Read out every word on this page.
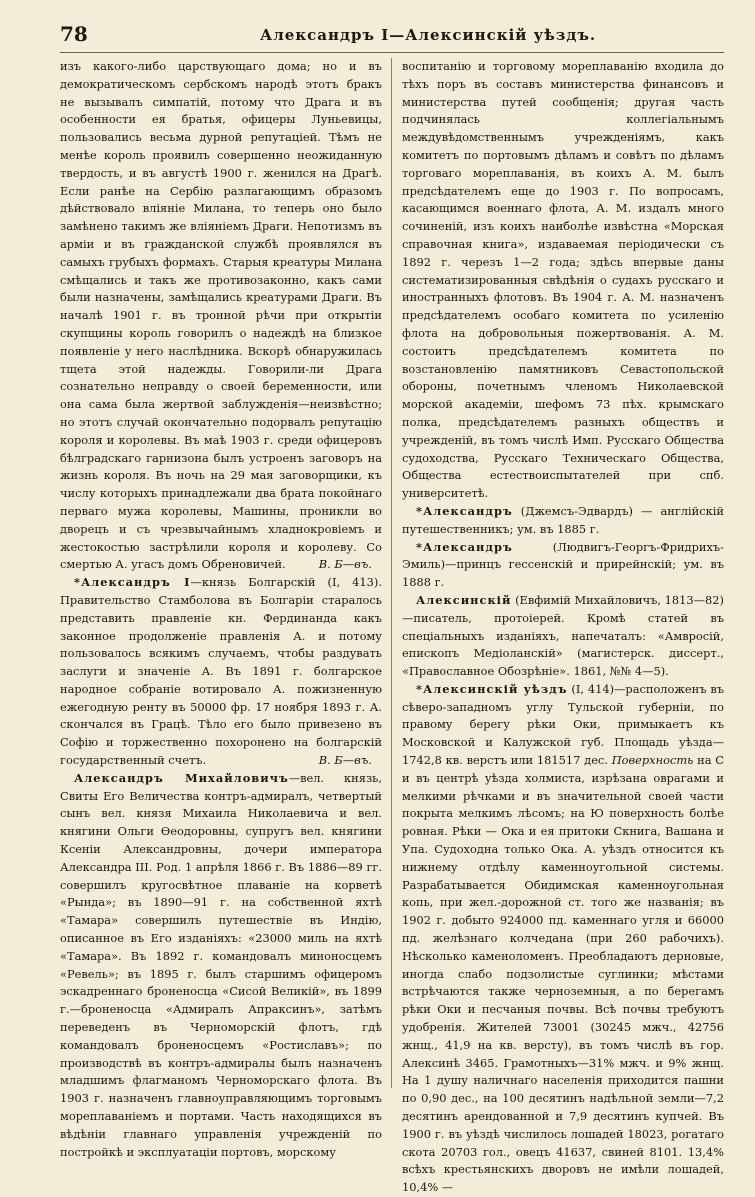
78	Александръ I—Алексинскій уѣздъ.

изъ какого-либо царствующаго дома; но и въ демократическомъ сербскомъ народѣ этотъ бракъ не вызывалъ симпатій, потому что Драга и въ особенности ея братья, офицеры Луньевицы, пользовались весьма дурной репутаціей. Тѣмъ не менѣе король проявилъ совершенно неожиданную твердость, и въ августѣ 1900 г. женился на Драгѣ. Если ранѣе на Сербію разлагающимъ образомъ дѣйствовало вліяніе Милана, то теперь оно было замѣнено такимъ же вліяніемъ Драги. Непотизмъ въ арміи и въ гражданской службѣ проявлялся въ самыхъ грубыхъ формахъ. Старыя креатуры Милана смѣщались и такъ же противозаконно, какъ сами были назначены, замѣщались креатурами Драги. Въ началѣ 1901 г. въ тронной рѣчи при открытіи скупщины король говорилъ о надеждѣ на близкое появленіе у него наслѣдника. Вскорѣ обнаружилась тщета этой надежды. Говорили-ли Драга сознательно неправду о своей беременности, или она сама была жертвой заблужденія—неизвѣстно; но этотъ случай окончательно подорвалъ репутацію короля и королевы. Въ маѣ 1903 г. среди офицеровъ бѣлградскаго гарнизона былъ устроенъ заговоръ на жизнь короля. Въ ночь на 29 мая заговорщики, къ числу которыхъ принадлежали два брата покойнаго перваго мужа королевы, Машины, проникли во дворецъ и съ чрезвычайнымъ хладнокровіемъ и жестокостью застрѣлили короля и королеву. Со смертью А. угасъ домъ Обреновичей.	В. Б—въ.

*Александръ I—князь Болгарскій (I, 413). Правительство Стамболова въ Болгаріи старалось представить правленіе кн. Фердинанда какъ законное продолженіе правленія А. и потому пользовалось всякимъ случаемъ, чтобы раздувать заслуги и значеніе А. Въ 1891 г. болгарское народное собраніе вотировало А. пожизненную ежегодную ренту въ 50000 фр. 17 ноября 1893 г. А. скончался въ Грацѣ. Тѣло его было привезено въ Софію и торжественно похоронено на болгарскій государственный счетъ.	В. Б—въ.

Александръ Михайловичъ—вел. князь, Свиты Его Величества контръ-адмиралъ, четвертый сынъ вел. князя Михаила Николаевича и вел. княгини Ольги Ѳеодоровны, супругъ вел. княгини Ксеніи Александровны, дочери императора Александра III. Род. 1 апрѣля 1866 г. Въ 1886—89 гг. совершилъ кругосвѣтное плаваніе на корветѣ «Рында»; въ 1890—91 г. на собственной яхтѣ «Тамара» совершилъ путешествіе въ Индію, описанное въ Его изданіяхъ: «23000 миль на яхтѣ «Тамара». Въ 1892 г. командовалъ миноносцемъ «Ревель»; въ 1895 г. былъ старшимъ офицеромъ эскадреннаго броненосца «Сисой Великій», въ 1899 г.—броненосца «Адмиралъ Апраксинъ», затѣмъ переведенъ въ Черноморскій флотъ, гдѣ командовалъ броненосцемъ «Ростиславъ»; по производствѣ въ контръ-адмиралы былъ назначенъ младшимъ флагманомъ Черноморскаго флота. Въ 1903 г. назначенъ главноуправляющимъ торговымъ мореплаваніемъ и портами. Часть находящихся въ вѣдѣніи главнаго управленія учрежденій по постройкѣ и эксплуатаціи портовъ, морскому

воспитанію и торговому мореплаванію входила до тѣхъ поръ въ составъ министерства финансовъ и министерства путей сообщенія; другая часть подчинялась коллегіальнымъ междувѣдомственнымъ учрежденіямъ, какъ комитетъ по портовымъ дѣламъ и совѣтъ по дѣламъ торговаго мореплаванія, въ коихъ А. М. былъ предсѣдателемъ еще до 1903 г. По вопросамъ, касающимся военнаго флота, А. М. издалъ много сочиненій, изъ коихъ наиболѣе извѣстна «Морская справочная книга», издаваемая періодически съ 1892 г. черезъ 1—2 года; здѣсь впервые даны систематизированныя свѣдѣнія о судахъ русскаго и иностранныхъ флотовъ. Въ 1904 г. А. М. назначенъ предсѣдателемъ особаго комитета по усиленію флота на добровольныя пожертвованія. А. М. состоитъ предсѣдателемъ комитета по возстановленію памятниковъ Севастопольской обороны, почетнымъ членомъ Николаевской морской академіи, шефомъ 73 пѣх. крымскаго полка, предсѣдателемъ разныхъ обществъ и учрежденій, въ томъ числѣ Имп. Русскаго Общества судоходства, Русскаго Техническаго Общества, Общества естествоиспытателей при спб. университетѣ.

*Александръ (Джемсъ-Эдвардъ) — англійскій путешественникъ; ум. въ 1885 г.

*Александръ (Людвигъ-Георгъ-Фридрихъ-Эмиль)—принцъ гессенскій и прирейнскій; ум. въ 1888 г.

Алексинскій (Евфимій Михайловичъ, 1813—82)—писатель, протоіерей. Кромѣ статей въ спеціальныхъ изданіяхъ, напечаталъ: «Амвросій, епископъ Медіоланскій» (магистерск. диссерт., «Православное Обозрѣніе». 1861, №№ 4—5).

*Алексинскій уѣздъ (I, 414)—расположенъ въ сѣверо-западномъ углу Тульской губерніи, по правому берегу рѣки Оки, примыкаетъ къ Московской и Калужской губ. Площадь уѣзда—1742,8 кв. верстъ или 181517 дес. Поверхность на С и въ центрѣ уѣзда холмиста, изрѣзана оврагами и мелкими рѣчками и въ значительной своей части покрыта мелкимъ лѣсомъ; на Ю поверхность болѣе ровная. Рѣки — Ока и ея притоки Скнига, Вашана и Упа. Судоходна только Ока. А. уѣздъ относится къ нижнему отдѣлу каменноугольной системы. Разрабатывается Обидимская каменноугольная копь, при жел.-дорожной ст. того же названія; въ 1902 г. добыто 924000 пд. каменнаго угля и 66000 пд. желѣзнаго колчедана (при 260 рабочихъ). Нѣсколько каменоломенъ. Преобладаютъ дерновые, иногда слабо подзолистые суглинки; мѣстами встрѣчаются также черноземныя, а по берегамъ рѣки Оки и песчаныя почвы. Всѣ почвы требуютъ удобренія. Жителей 73001 (30245 мжч., 42756 жнщ., 41,9 на кв. версту), въ томъ числѣ въ гор. Алексинѣ 3465. Грамотныхъ—31% мжч. и 9% жнщ. На 1 душу наличнаго населенія приходится пашни по 0,90 дес., на 100 десятинъ надѣльной земли—7,2 десятинъ арендованной и 7,9 десятинъ купчей. Въ 1900 г. въ уѣздѣ числилось лошадей 18023, рогатаго скота 20703 гол., овецъ 41637, свиней 8101. 13,4% всѣхъ крестьянскихъ дворовъ не имѣли лошадей, 10,4% —
